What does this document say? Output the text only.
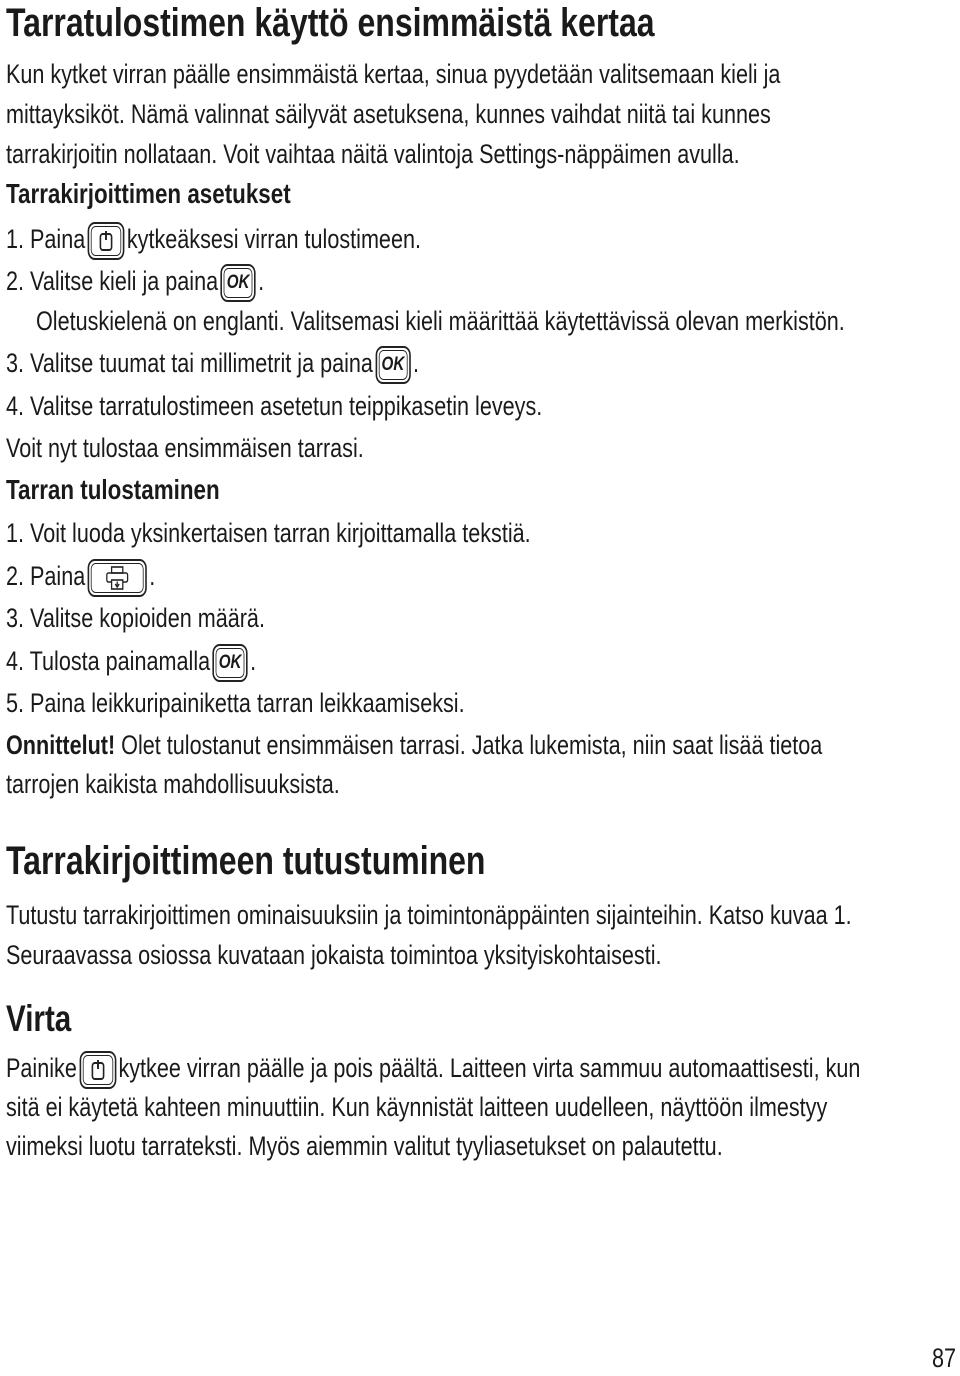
Tarratulostimen käyttö ensimmäistä kertaa
Kun kytket virran päälle ensimmäistä kertaa, sinua pyydetään valitsemaan kieli ja
mittayksiköt. Nämä valinnat säilyvät asetuksena, kunnes vaihdat niitä tai kunnes
tarrakirjoitin nollataan. Voit vaihtaa näitä valintoja Settings-näppäimen avulla.
Tarrakirjoittimen asetukset
1. Paina kytkeäksesi virran tulostimeen.
2. Valitse kieli ja paina OK .
Oletuskielenä on englanti. Valitsemasi kieli määrittää käytettävissä olevan merkistön.
3. Valitse tuumat tai millimetrit ja paina OK .
4. Valitse tarratulostimeen asetetun teippikasetin leveys.
Voit nyt tulostaa ensimmäisen tarrasi.
Tarran tulostaminen
1. Voit luoda yksinkertaisen tarran kirjoittamalla tekstiä.
2. Paina .
3. Valitse kopioiden määrä.
4. Tulosta painamalla OK .
5. Paina leikkuripainiketta tarran leikkaamiseksi.
Onnittelut! Olet tulostanut ensimmäisen tarrasi. Jatka lukemista, niin saat lisää tietoa
tarrojen kaikista mahdollisuuksista.
Tarrakirjoittimeen tutustuminen
Tutustu tarrakirjoittimen ominaisuuksiin ja toimintonäppäinten sijainteihin. Katso kuvaa 1.
Seuraavassa osiossa kuvataan jokaista toimintoa yksityiskohtaisesti.
Virta
Painike kytkee virran päälle ja pois päältä. Laitteen virta sammuu automaattisesti, kun
sitä ei käytetä kahteen minuuttiin. Kun käynnistät laitteen uudelleen, näyttöön ilmestyy
viimeksi luotu tarrateksti. Myös aiemmin valitut tyyliasetukset on palautettu.
87
